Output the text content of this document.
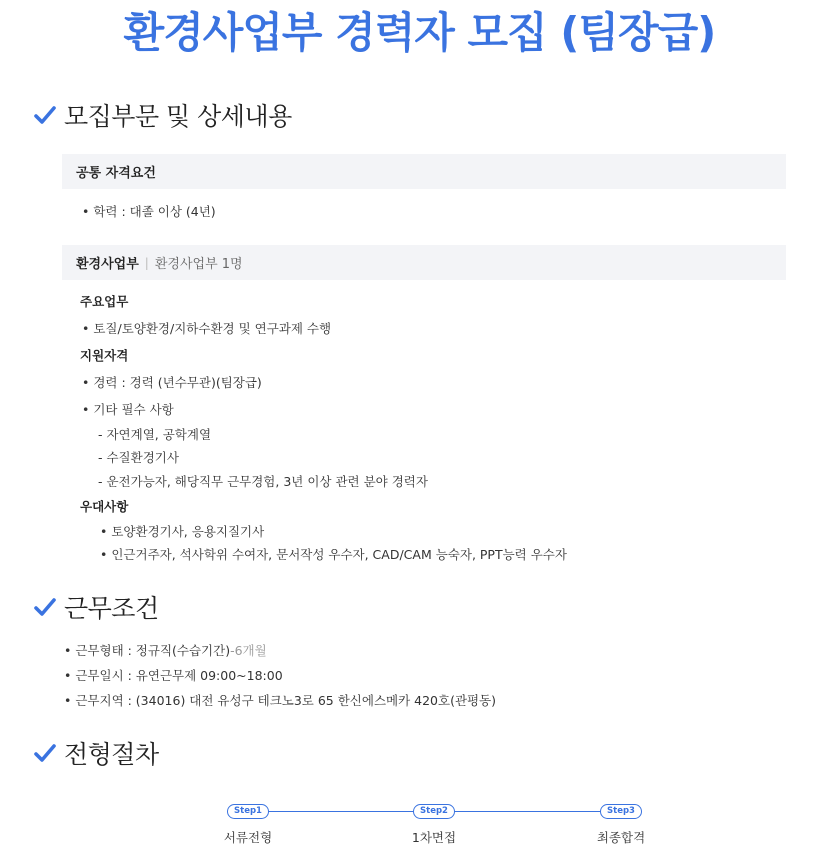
환경사업부 경력자 모집 (팀장급)
모집부문 및 상세내용
공통 자격요건
• 학력 : 대졸 이상 (4년)
환경사업부 | 환경사업부 1명
주요업무
• 토질/토양환경/지하수환경 및 연구과제 수행
지원자격
• 경력 : 경력 (년수무관)(팀장급)
• 기타 필수 사항
- 자연계열, 공학계열
- 수질환경기사
- 운전가능자, 해당직무 근무경험, 3년 이상 관련 분야 경력자
우대사항
• 토양환경기사, 응용지질기사
• 인근거주자, 석사학위 수여자, 문서작성 우수자, CAD/CAM 능숙자, PPT능력 우수자
근무조건
• 근무형태 : 정규직(수습기간)-6개월
• 근무일시 : 유연근무제 09:00~18:00
• 근무지역 : (34016) 대전 유성구 테크노3로 65 한신에스메카 420호(관평동)
전형절차
Step1	Step2	Step3
서류전형	1차면접	최종합격
